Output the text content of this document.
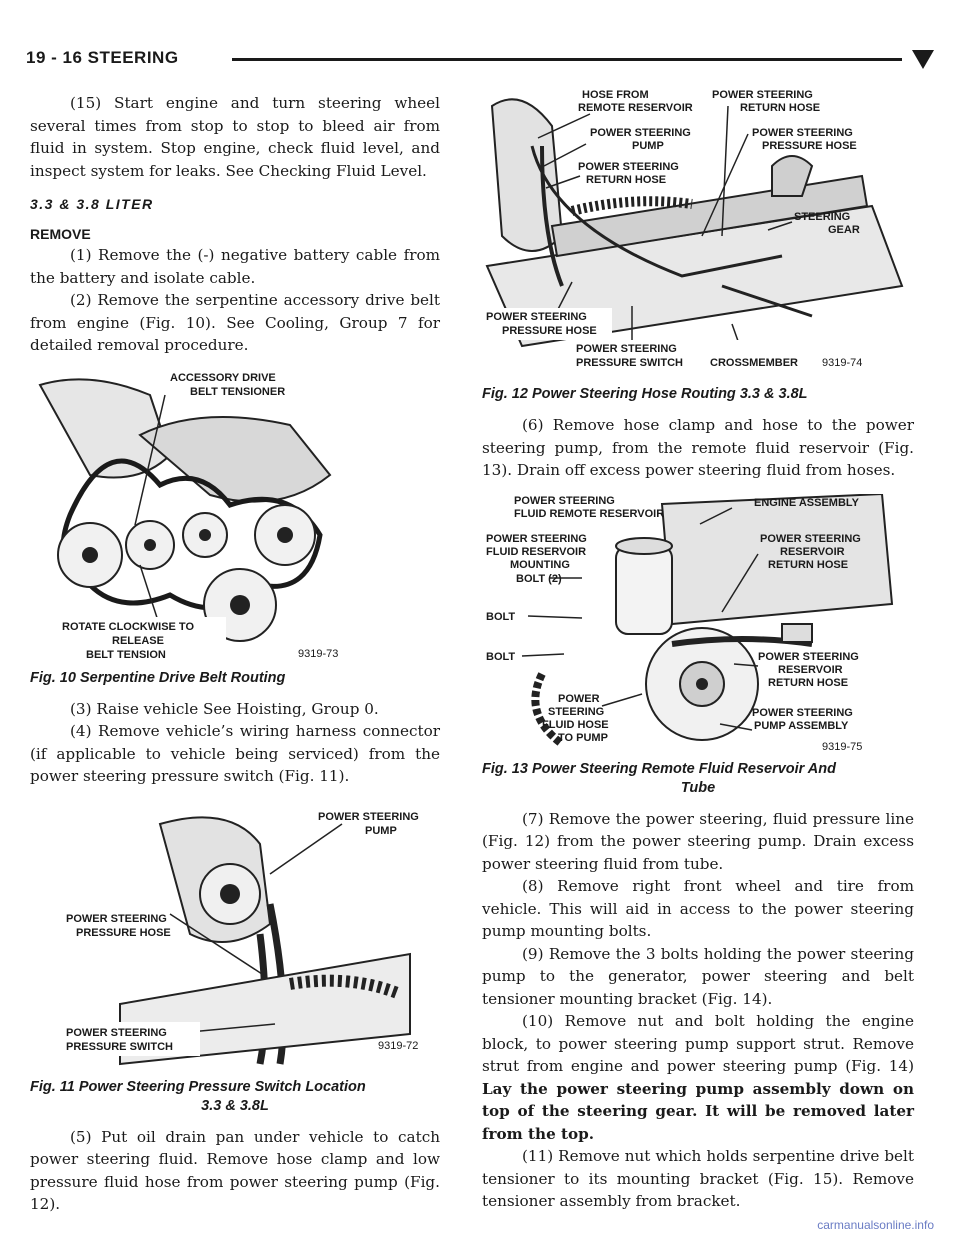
19 - 16 STEERING

(15) Start engine and turn steering wheel several times from stop to stop to bleed air from fluid in system. Stop engine, check fluid level, and inspect system for leaks. See Checking Fluid Level.

3.3 & 3.8 LITER
REMOVE

(1) Remove the (-) negative battery cable from the battery and isolate cable.

(2) Remove the serpentine accessory drive belt from engine (Fig. 10). See Cooling, Group 7 for detailed removal procedure.

ACCESSORY DRIVE
BELT TENSIONER
ROTATE CLOCKWISE TO
RELEASE
BELT TENSION	9319-73
Fig. 10 Serpentine Drive Belt Routing

(3) Raise vehicle See Hoisting, Group 0.

(4) Remove vehicle’s wiring harness connector (if applicable to vehicle being serviced) from the power steering pressure switch (Fig. 11).

POWER STEERING
PUMP
POWER STEERING
PRESSURE HOSE
POWER STEERING
PRESSURE SWITCH	9319-72
Fig. 11 Power Steering Pressure Switch Location
3.3 & 3.8L

(5) Put oil drain pan under vehicle to catch power steering fluid. Remove hose clamp and low pressure fluid hose from power steering pump (Fig. 12).

HOSE FROM
REMOTE RESERVOIR
POWER STEERING
RETURN HOSE
POWER STEERING
PUMP
POWER STEERING
PRESSURE HOSE
POWER STEERING
RETURN HOSE
STEERING
GEAR
POWER STEERING
PRESSURE HOSE
POWER STEERING
PRESSURE SWITCH CROSSMEMBER 9319-74
Fig. 12 Power Steering Hose Routing 3.3 & 3.8L

(6) Remove hose clamp and hose to the power steering pump, from the remote fluid reservoir (Fig. 13). Drain off excess power steering fluid from hoses.

POWER STEERING
FLUID REMOTE RESERVOIR
ENGINE ASSEMBLY
POWER STEERING
FLUID RESERVOIR
MOUNTING
BOLT (2)
POWER STEERING
RESERVOIR
RETURN HOSE
BOLT
BOLT	POWER STEERING
RESERVOIR
RETURN HOSE
POWER
STEERING
FLUID HOSE
TO PUMP
POWER STEERING
PUMP ASSEMBLY
9319-75
Fig. 13 Power Steering Remote Fluid Reservoir And
Tube

(7) Remove the power steering, fluid pressure line (Fig. 12) from the power steering pump. Drain excess power steering fluid from tube.

(8) Remove right front wheel and tire from vehicle. This will aid in access to the power steering pump mounting bolts.

(9) Remove the 3 bolts holding the power steering pump to the generator, power steering and belt tensioner mounting bracket (Fig. 14).

(10) Remove nut and bolt holding the engine block, to power steering pump support strut. Remove strut from engine and power steering pump (Fig. 14) Lay the power steering pump assembly down on top of the steering gear. It will be removed later from the top.

(11) Remove nut which holds serpentine drive belt tensioner to its mounting bracket (Fig. 15). Remove tensioner assembly from bracket.

carmanualsonline.info
